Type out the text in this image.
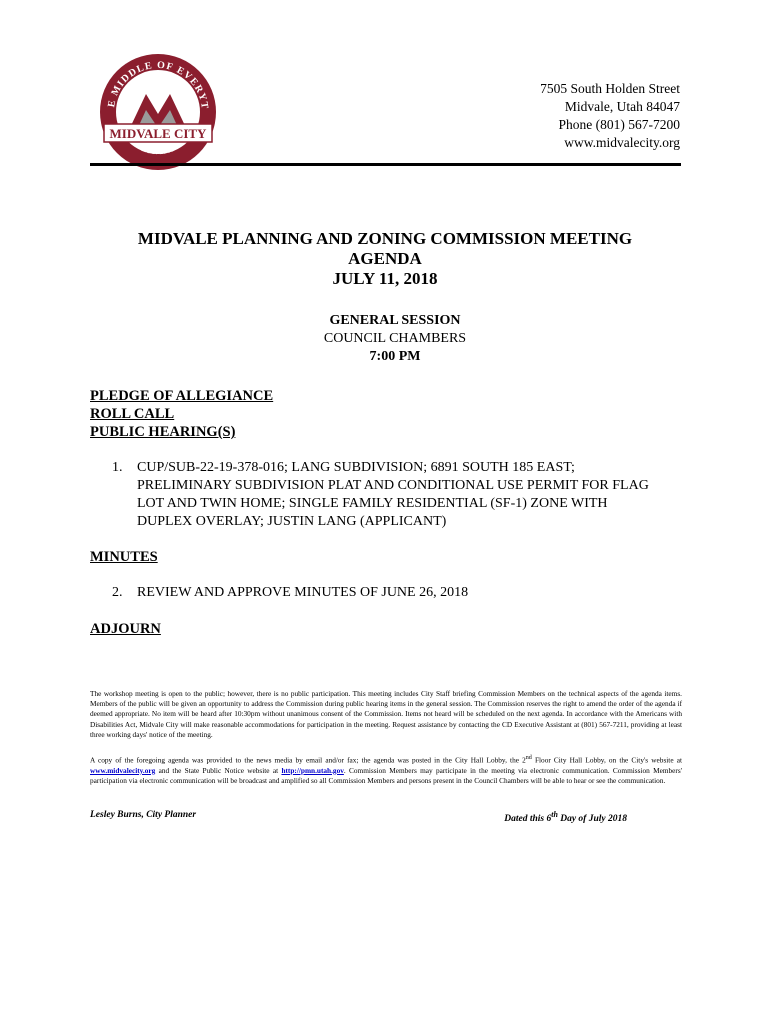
E MIDDLE OF EVERYT
MIDVALE CITY
EST. 1909
7505 South Holden Street
Midvale, Utah 84047
Phone (801) 567-7200
www.midvalecity.org
MIDVALE PLANNING AND ZONING COMMISSION MEETING
AGENDA
JULY 11, 2018
GENERAL SESSION
COUNCIL CHAMBERS
7:00 PM
PLEDGE OF ALLEGIANCE
ROLL CALL
PUBLIC HEARING(S)
1. CUP/SUB-22-19-378-016; LANG SUBDIVISION; 6891 SOUTH 185 EAST; PRELIMINARY SUBDIVISION PLAT AND CONDITIONAL USE PERMIT FOR FLAG LOT AND TWIN HOME; SINGLE FAMILY RESIDENTIAL (SF-1) ZONE WITH DUPLEX OVERLAY; JUSTIN LANG (APPLICANT)
MINUTES
2. REVIEW AND APPROVE MINUTES OF JUNE 26, 2018
ADJOURN
The workshop meeting is open to the public; however, there is no public participation. This meeting includes City Staff briefing Commission Members on the technical aspects of the agenda items. Members of the public will be given an opportunity to address the Commission during public hearing items in the general session. The Commission reserves the right to amend the order of the agenda if deemed appropriate. No item will be heard after 10:30pm without unanimous consent of the Commission. Items not heard will be scheduled on the next agenda. In accordance with the Americans with Disabilities Act, Midvale City will make reasonable accommodations for participation in the meeting. Request assistance by contacting the CD Executive Assistant at (801) 567-7211, providing at least three working days' notice of the meeting.
A copy of the foregoing agenda was provided to the news media by email and/or fax; the agenda was posted in the City Hall Lobby, the 2nd Floor City Hall Lobby, on the City's website at www.midvalecity.org and the State Public Notice website at http://pmn.utah.gov. Commission Members may participate in the meeting via electronic communication. Commission Members' participation via electronic communication will be broadcast and amplified so all Commission Members and persons present in the Council Chambers will be able to hear or see the communication.
Lesley Burns, City Planner	Dated this 6th Day of July 2018
